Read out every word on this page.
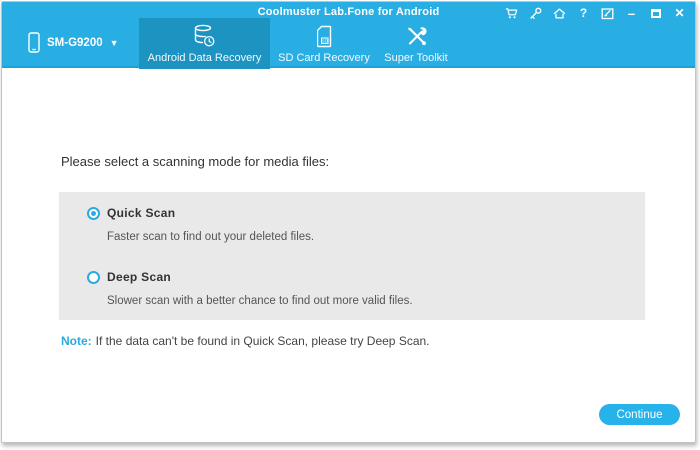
Coolmuster Lab.Fone for Android	?	–	✕
SM-G9200 ▼
Android Data Recovery
SD
SD Card Recovery Super Toolkit
Please select a scanning mode for media files:
Quick Scan
Faster scan to find out your deleted files.
Deep Scan
Slower scan with a better chance to find out more valid files.
Note: If the data can't be found in Quick Scan, please try Deep Scan.
Continue
